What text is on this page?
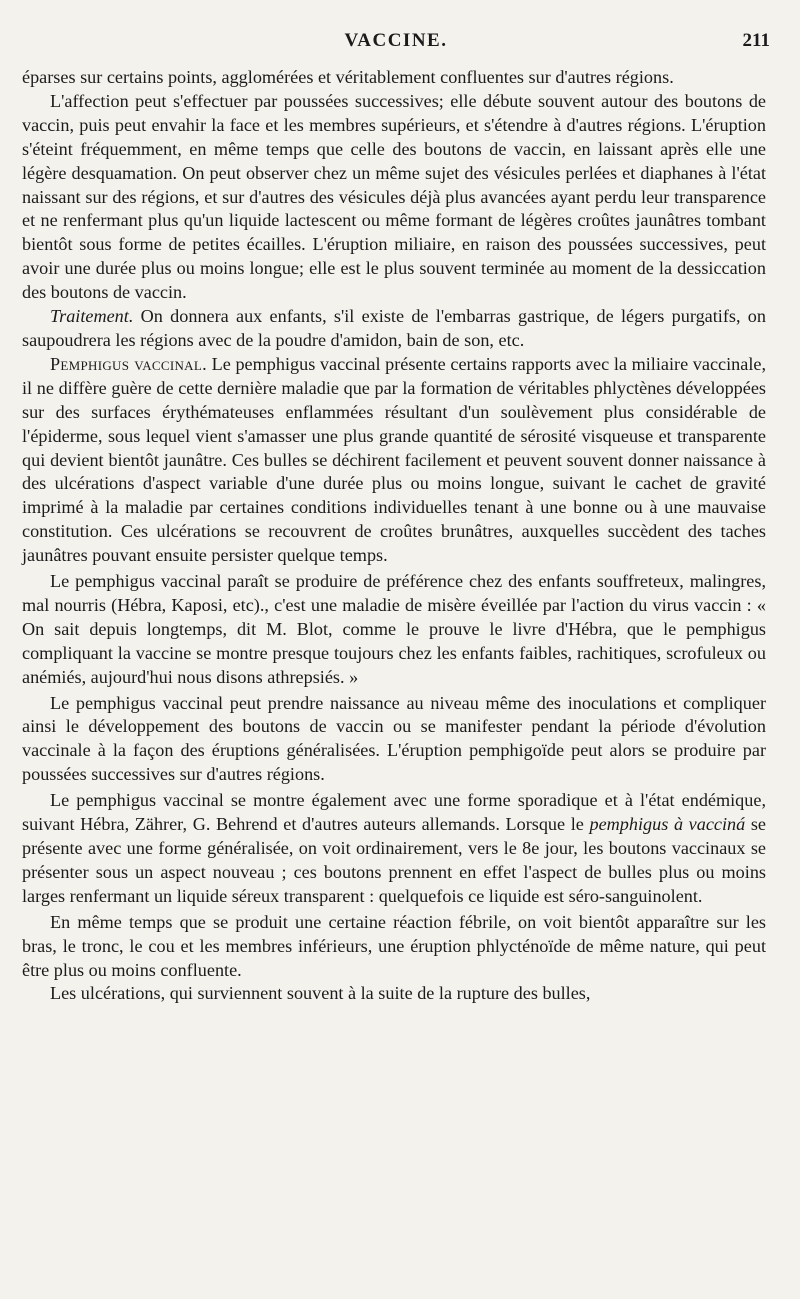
VACCINE.	211

éparses sur certains points, agglomérées et véritablement confluentes sur d'autres régions.

L'affection peut s'effectuer par poussées successives; elle débute souvent autour des boutons de vaccin, puis peut envahir la face et les membres supérieurs, et s'étendre à d'autres régions. L'éruption s'éteint fréquemment, en même temps que celle des boutons de vaccin, en laissant après elle une légère desquamation. On peut observer chez un même sujet des vésicules perlées et diaphanes à l'état naissant sur des régions, et sur d'autres des vésicules déjà plus avancées ayant perdu leur transparence et ne renfermant plus qu'un liquide lactescent ou même formant de légères croûtes jaunâtres tombant bientôt sous forme de petites écailles. L'éruption miliaire, en raison des poussées successives, peut avoir une durée plus ou moins longue; elle est le plus souvent terminée au moment de la dessiccation des boutons de vaccin.

Traitement. On donnera aux enfants, s'il existe de l'embarras gastrique, de légers purgatifs, on saupoudrera les régions avec de la poudre d'amidon, bain de son, etc.

Pemphigus vaccinal. Le pemphigus vaccinal présente certains rapports avec la miliaire vaccinale, il ne diffère guère de cette dernière maladie que par la formation de véritables phlyctènes développées sur des surfaces érythémateuses enflammées résultant d'un soulèvement plus considérable de l'épiderme, sous lequel vient s'amasser une plus grande quantité de sérosité visqueuse et transparente qui devient bientôt jaunâtre. Ces bulles se déchirent facilement et peuvent souvent donner naissance à des ulcérations d'aspect variable d'une durée plus ou moins longue, suivant le cachet de gravité imprimé à la maladie par certaines conditions individuelles tenant à une bonne ou à une mauvaise constitution. Ces ulcérations se recouvrent de croûtes brunâtres, auxquelles succèdent des taches jaunâtres pouvant ensuite persister quelque temps.

Le pemphigus vaccinal paraît se produire de préférence chez des enfants souffreteux, malingres, mal nourris (Hébra, Kaposi, etc)., c'est une maladie de misère éveillée par l'action du virus vaccin : « On sait depuis longtemps, dit M. Blot, comme le prouve le livre d'Hébra, que le pemphigus compliquant la vaccine se montre presque toujours chez les enfants faibles, rachitiques, scrofuleux ou anémiés, aujourd'hui nous disons athrepsiés. »

Le pemphigus vaccinal peut prendre naissance au niveau même des inoculations et compliquer ainsi le développement des boutons de vaccin ou se manifester pendant la période d'évolution vaccinale à la façon des éruptions généralisées. L'éruption pemphigoïde peut alors se produire par poussées successives sur d'autres régions.

Le pemphigus vaccinal se montre également avec une forme sporadique et à l'état endémique, suivant Hébra, Zährer, G. Behrend et d'autres auteurs allemands. Lorsque le pemphigus à vacciná se présente avec une forme généralisée, on voit ordinairement, vers le 8e jour, les boutons vaccinaux se présenter sous un aspect nouveau ; ces boutons prennent en effet l'aspect de bulles plus ou moins larges renfermant un liquide séreux transparent : quelquefois ce liquide est séro-sanguinolent.

En même temps que se produit une certaine réaction fébrile, on voit bientôt apparaître sur les bras, le tronc, le cou et les membres inférieurs, une éruption phlycténoïde de même nature, qui peut être plus ou moins confluente.

Les ulcérations, qui surviennent souvent à la suite de la rupture des bulles,
